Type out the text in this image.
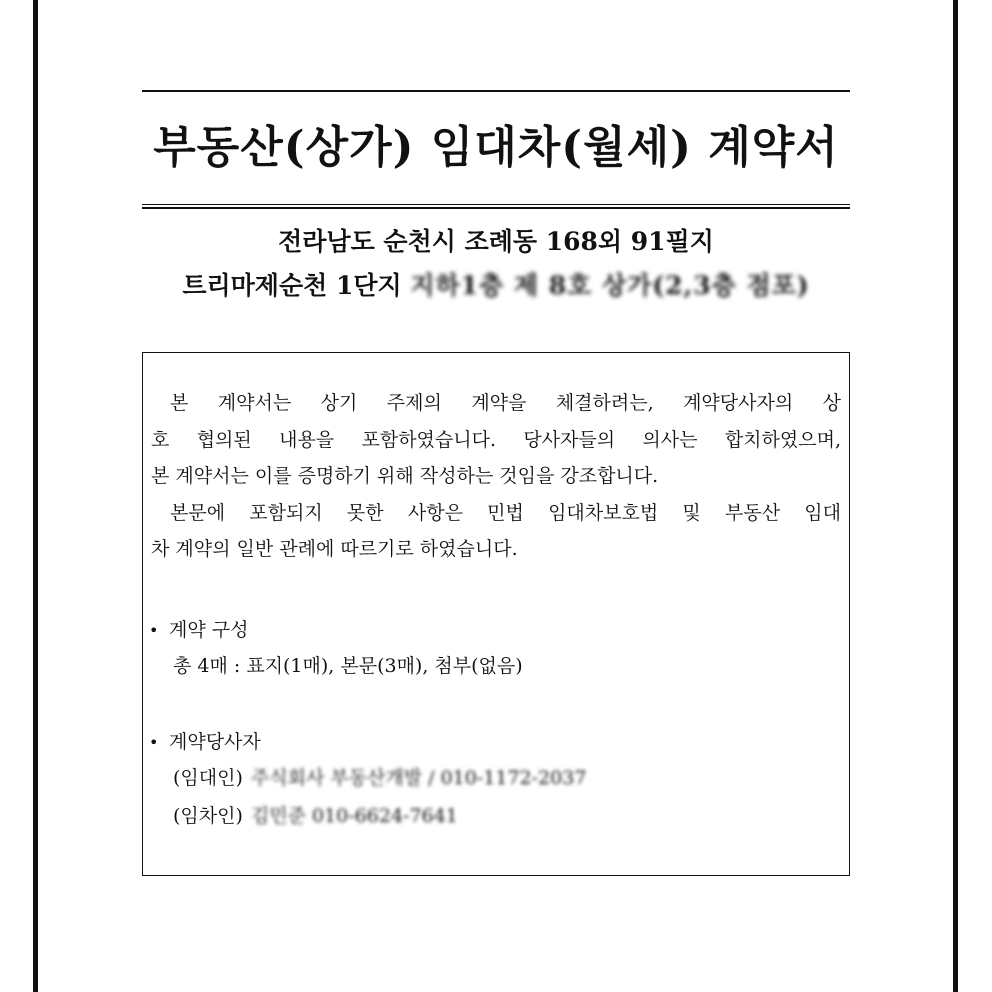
부동산(상가) 임대차(월세) 계약서
전라남도 순천시 조례동 168외 91필지
트리마제순천 1단지 지하1층 제 8호 상가(2,3층 점포)
본 계약서는 상기 주제의 계약을 체결하려는, 계약당사자의 상
호 협의된 내용을 포함하였습니다. 당사자들의 의사는 합치하였으며,
본 계약서는 이를 증명하기 위해 작성하는 것임을 강조합니다.
본문에 포함되지 못한 사항은 민법 임대차보호법 및 부동산 임대
차 계약의 일반 관례에 따르기로 하였습니다.
• 계약 구성
총 4매 : 표지(1매), 본문(3매), 첨부(없음)
• 계약당사자
(임대인) 주식회사 부동산개발 / 010-1172-2037
(임차인) 김민준 010-6624-7641
